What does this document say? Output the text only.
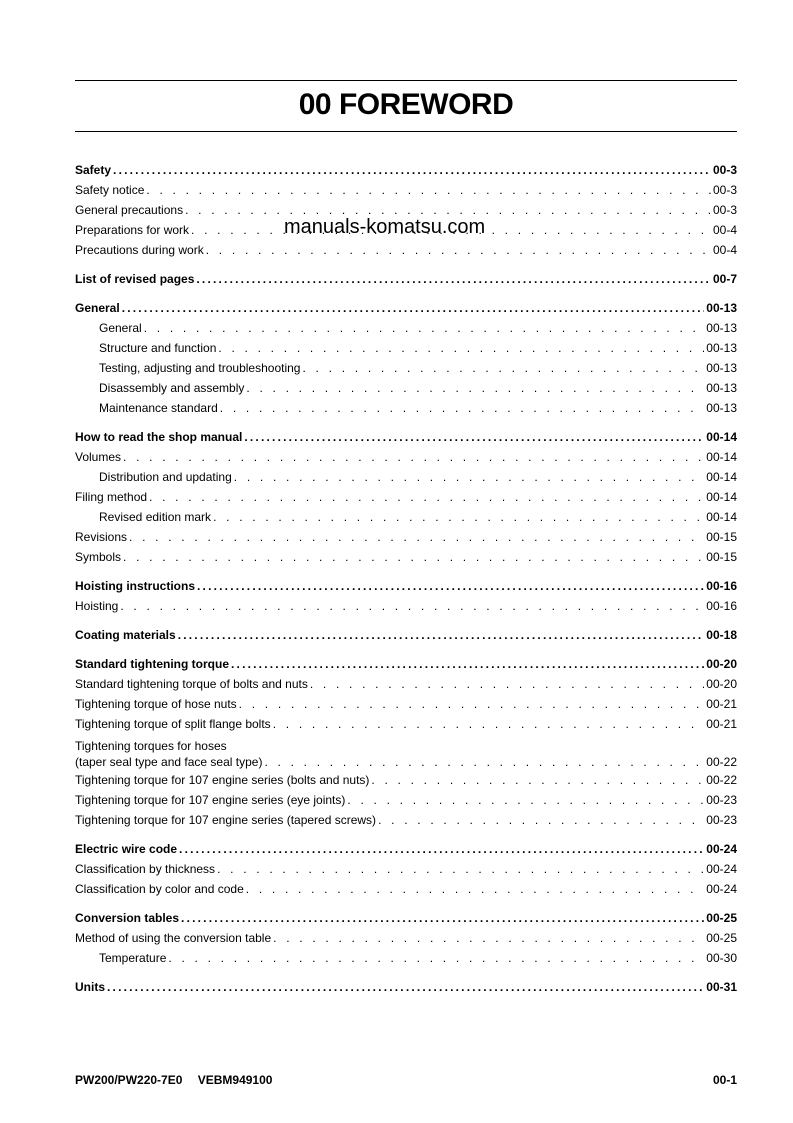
00 FOREWORD
Safety .....	00-3
Safety notice . . .	00-3
General precautions . . .	00-3
Preparations for work . . .	00-4
Precautions during work . . .	00-4
List of revised pages .....	00-7
General .....	00-13
General . . .	00-13
Structure and function . . .	00-13
Testing, adjusting and troubleshooting . . .	00-13
Disassembly and assembly . . .	00-13
Maintenance standard . . .	00-13
How to read the shop manual .....	00-14
Volumes . . .	00-14
Distribution and updating . . .	00-14
Filing method . . .	00-14
Revised edition mark . . .	00-14
Revisions . . .	00-15
Symbols . . .	00-15
Hoisting instructions .....	00-16
Hoisting . . .	00-16
Coating materials .....	00-18
Standard tightening torque .....	00-20
Standard tightening torque of bolts and nuts . . .	00-20
Tightening torque of hose nuts . . .	00-21
Tightening torque of split flange bolts . . .	00-21
Tightening torques for hoses
(taper seal type and face seal type) . . .	00-22
Tightening torque for 107 engine series (bolts and nuts) . . .	00-22
Tightening torque for 107 engine series (eye joints) . . .	00-23
Tightening torque for 107 engine series (tapered screws) . . .	00-23
Electric wire code .....	00-24
Classification by thickness . . .	00-24
Classification by color and code . . .	00-24
Conversion tables .....	00-25
Method of using the conversion table . . .	00-25
Temperature . . .	00-30
Units .....	00-31
manuals-komatsu.com
PW200/PW220-7E0 VEBM949100	00-1
